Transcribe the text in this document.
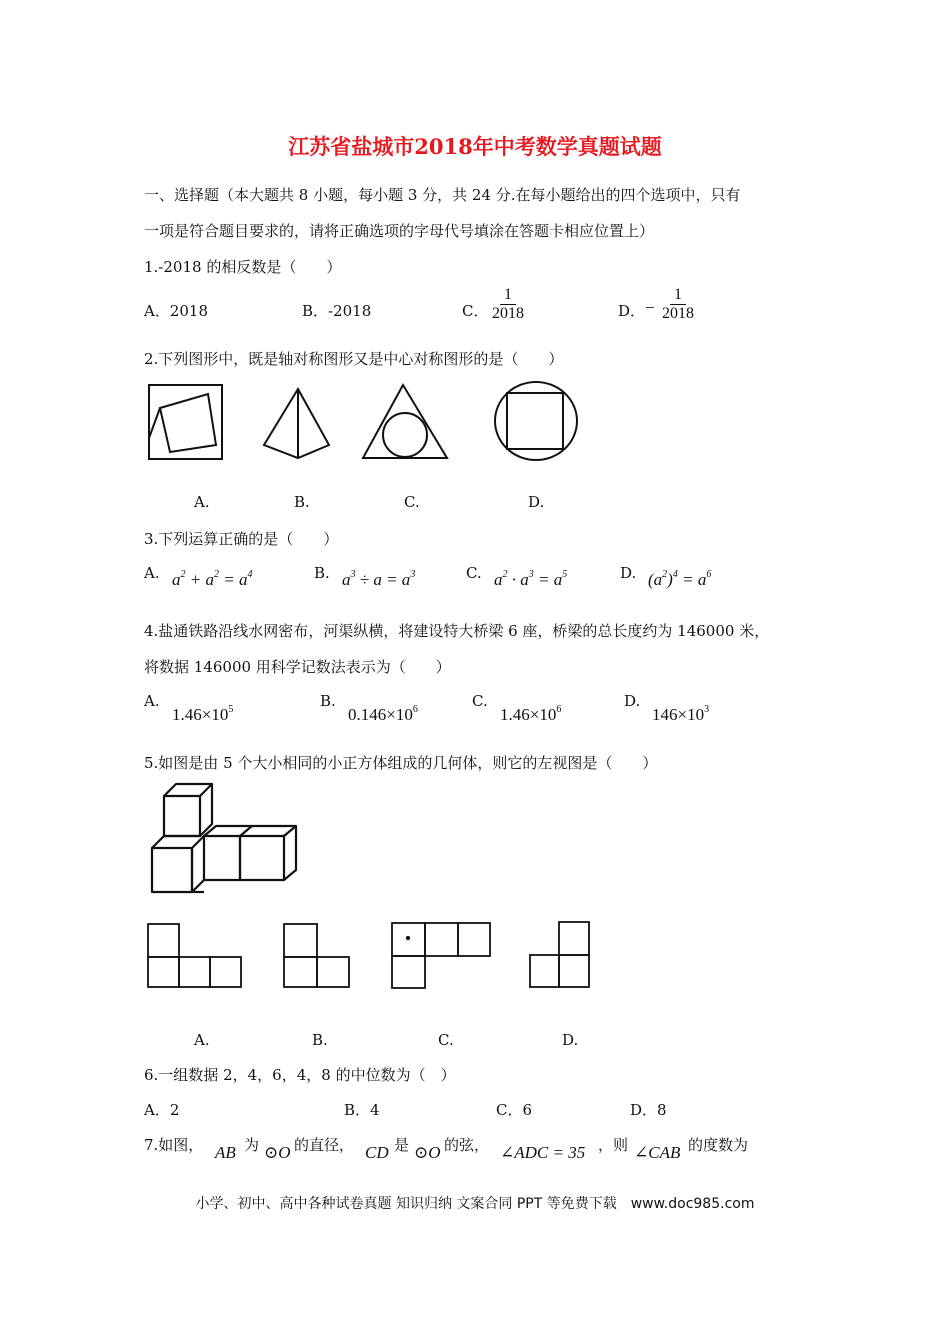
江苏省盐城市2018年中考数学真题试题
一、选择题（本大题共 8 小题，每小题 3 分，共 24 分.在每小题给出的四个选项中，只有
一项是符合题目要求的，请将正确选项的字母代号填涂在答题卡相应位置上）
1.-2018 的相反数是（　　）
A．2018	B．-2018	C． $\frac{1}{2018}$	D． − $\frac{1}{2018}$
2.下列图形中，既是轴对称图形又是中心对称图形的是（　　）
A.	B.	C.	D.
3.下列运算正确的是（　　）
A.	B.	C.	D.
$a^2 + a^2 = a^4$	$a^3 \div a = a^3$	$a^2 \cdot a^3 = a^5$	$(a^2)^4 = a^6$
4.盐通铁路沿线水网密布，河渠纵横，将建设特大桥梁 6 座，桥梁的总长度约为 146000 米，
将数据 146000 用科学记数法表示为（　　）
A.	B.	C.	D.
$1.46\times 10^5$	$0.146\times 10^6$	$1.46\times 10^6$	$146\times 10^3$
5.如图是由 5 个大小相同的小正方体组成的几何体，则它的左视图是（　　）
A.	B.	C.	D.
6.一组数据 2，4，6，4，8 的中位数为（　）
A．2	B．4	C．6	D．8
7.如图， AB 为 ⊙O 的直径， CD 是 ⊙O 的弦， ∠ADC = 35 ，则 ∠CAB 的度数为
小学、初中、高中各种试卷真题 知识归纳 文案合同 PPT 等免费下载　www.doc985.com
